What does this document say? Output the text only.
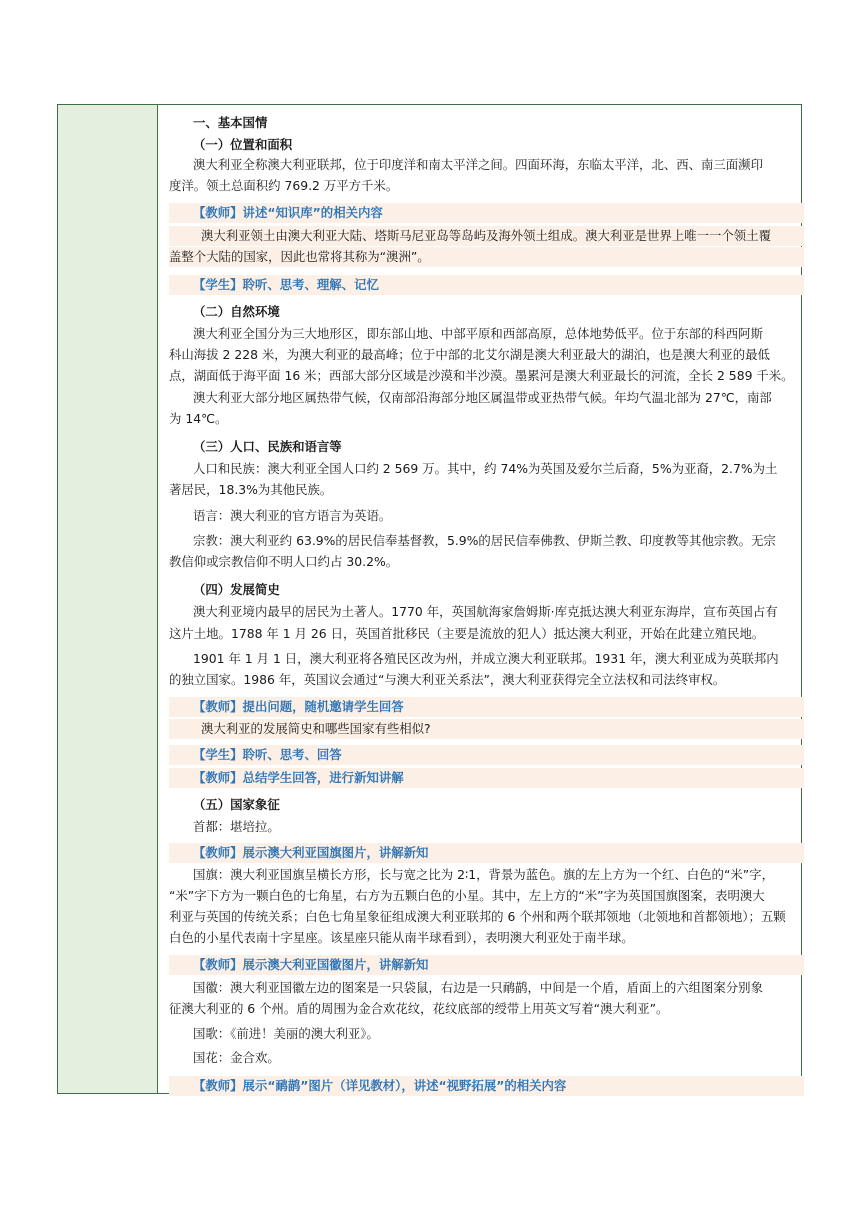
一、基本国情
（一）位置和面积
澳大利亚全称澳大利亚联邦，位于印度洋和南太平洋之间。四面环海，东临太平洋，北、西、南三面濒印
度洋。领土总面积约 769.2 万平方千米。
【教师】讲述“知识库”的相关内容
澳大利亚领土由澳大利亚大陆、塔斯马尼亚岛等岛屿及海外领土组成。澳大利亚是世界上唯一一个领土覆
盖整个大陆的国家，因此也常将其称为“澳洲”。
【学生】聆听、思考、理解、记忆
（二）自然环境
澳大利亚全国分为三大地形区，即东部山地、中部平原和西部高原，总体地势低平。位于东部的科西阿斯
科山海拔 2 228 米，为澳大利亚的最高峰；位于中部的北艾尔湖是澳大利亚最大的湖泊，也是澳大利亚的最低
点，湖面低于海平面 16 米；西部大部分区域是沙漠和半沙漠。墨累河是澳大利亚最长的河流，全长 2 589 千米。
澳大利亚大部分地区属热带气候，仅南部沿海部分地区属温带或亚热带气候。年均气温北部为 27℃，南部
为 14℃。
（三）人口、民族和语言等
人口和民族：澳大利亚全国人口约 2 569 万。其中，约 74%为英国及爱尔兰后裔，5%为亚裔，2.7%为土
著居民，18.3%为其他民族。
语言：澳大利亚的官方语言为英语。
宗教：澳大利亚约 63.9%的居民信奉基督教，5.9%的居民信奉佛教、伊斯兰教、印度教等其他宗教。无宗
教信仰或宗教信仰不明人口约占 30.2%。
（四）发展简史
澳大利亚境内最早的居民为土著人。1770 年，英国航海家詹姆斯·库克抵达澳大利亚东海岸，宣布英国占有
这片土地。1788 年 1 月 26 日，英国首批移民（主要是流放的犯人）抵达澳大利亚，开始在此建立殖民地。
1901 年 1 月 1 日，澳大利亚将各殖民区改为州，并成立澳大利亚联邦。1931 年，澳大利亚成为英联邦内
的独立国家。1986 年，英国议会通过“与澳大利亚关系法”，澳大利亚获得完全立法权和司法终审权。
【教师】提出问题，随机邀请学生回答
澳大利亚的发展简史和哪些国家有些相似?
【学生】聆听、思考、回答
【教师】总结学生回答，进行新知讲解
（五）国家象征
首都：堪培拉。
【教师】展示澳大利亚国旗图片，讲解新知
国旗：澳大利亚国旗呈横长方形，长与宽之比为 2∶1，背景为蓝色。旗的左上方为一个红、白色的“米”字，
“米”字下方为一颗白色的七角星，右方为五颗白色的小星。其中，左上方的“米”字为英国国旗图案，表明澳大
利亚与英国的传统关系；白色七角星象征组成澳大利亚联邦的 6 个州和两个联邦领地（北领地和首都领地）；五颗
白色的小星代表南十字星座。该星座只能从南半球看到），表明澳大利亚处于南半球。
【教师】展示澳大利亚国徽图片，讲解新知
国徽：澳大利亚国徽左边的图案是一只袋鼠，右边是一只鸸鹋，中间是一个盾，盾面上的六组图案分别象
征澳大利亚的 6 个州。盾的周围为金合欢花纹，花纹底部的绶带上用英文写着“澳大利亚”。
国歌：《前进！美丽的澳大利亚》。
国花：金合欢。
【教师】展示“鸸鹋”图片（详见教材），讲述“视野拓展”的相关内容
